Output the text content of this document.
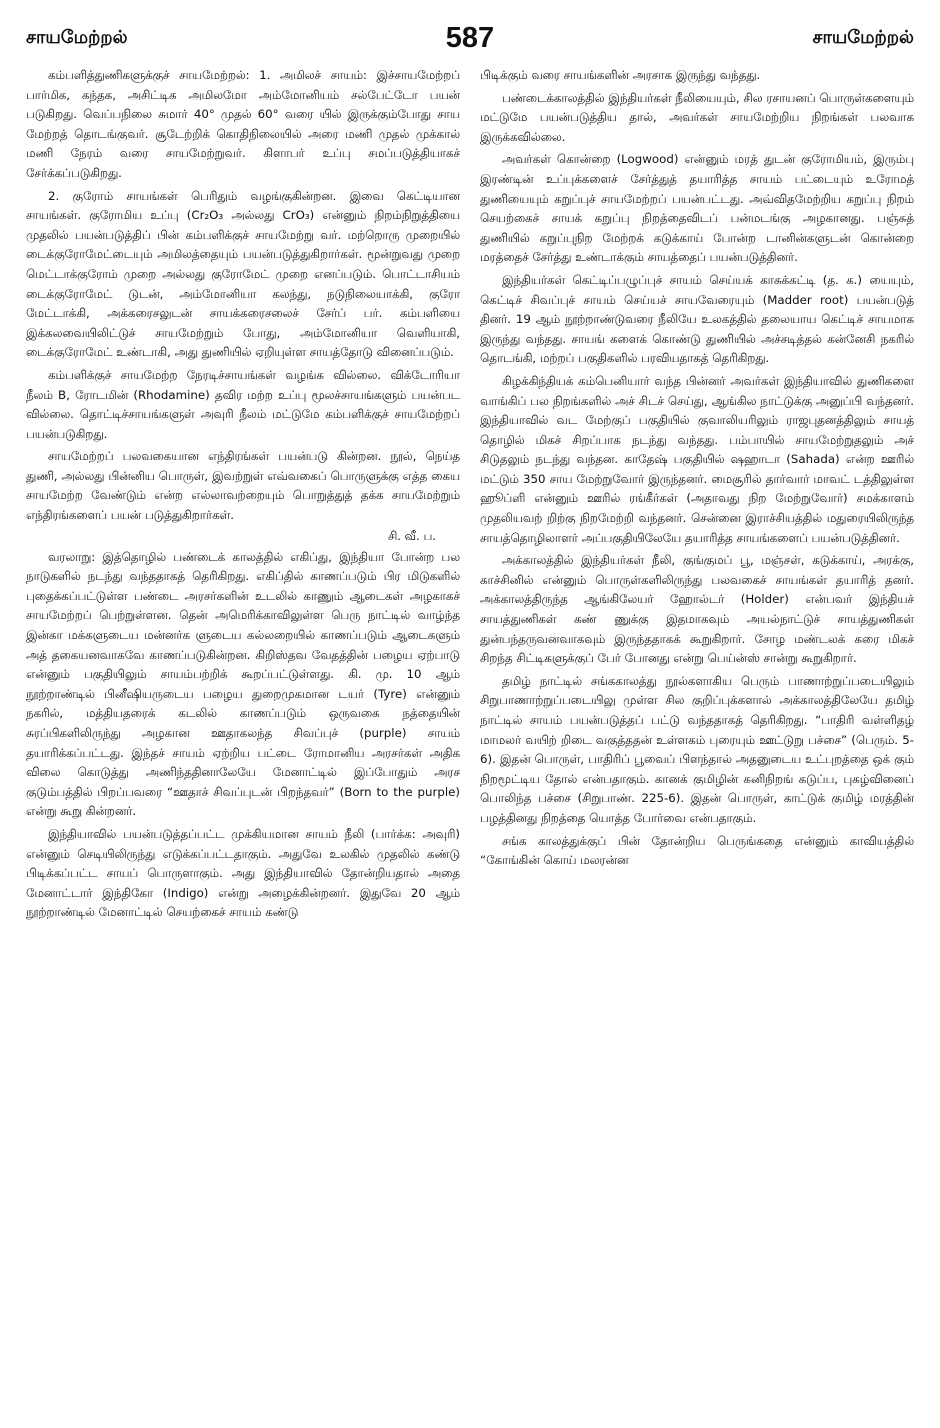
சாயமேற்றல்	587	சாயமேற்றல்

கம்பளித்துணிகளுக்குச் சாயமேற்றல்: 1. அமிலச் சாயம்: இச்சாயமேற்றப் பார்மிக, கந்தக, அசிட்டிக அமிலமோ அம்மோனியம் சல்பேட்டோ பயன் படுகிறது. வெப்பநிலை சுமார் 40° முதல் 60° வரை யில் இருக்கும்போது சாய மேற்றத் தொடங்குவர். சூடேற்றிக் கொதிநிலையில் அரை மணி முதல் முக்கால் மணி நேரம் வரை சாயமேற்றுவர். கிளாபர் உப்பு சமப்படுத்தியாகச் சேர்க்கப்படுகிறது.

2. குரோம் சாயங்கள் பெரிதும் வழங்குகின்றன. இவை கெட்டியான சாயங்கள். குரோமிய உப்பு (Cr₂O₃ அல்லது CrO₃) என்னும் நிறம்நிறுத்தியை முதலில் பயன்படுத்திப் பின் கம்பளிக்குச் சாயமேற்று வர். மற்றொரு முறையில் டைக்குரோமேட்டையும் அமிலத்தையும் பயன்படுத்துகிறார்கள். மூன்றுவது முறை மெட்டாக்குரோம் முறை அல்லது குரோமேட் முறை எனப்படும். பொட்டாசியம் டைக்குரோமேட் டுடன், அம்மோனியா கலந்து, நடுநிலையாக்கி, குரோ மேட்டாக்கி, அக்கரைசலுடன் சாயக்கரைசலைச் சேர்ப் பர். கம்பளியை இக்கலவையிலிட்டுச் சாயமேற்றும் போது, அம்மோனியா வெளியாகி, டைக்குரோமேட் உண்டாகி, அது துணியில் ஏறியுள்ள சாயத்தோடு வினைப்படும்.

கம்பளிக்குச் சாயமேற்ற நேரடிச்சாயங்கள் வழங்க வில்லை. விக்டோரியா நீலம் B, ரோடமின் (Rhodamine) தவிர மற்ற உப்பு மூலச்சாயங்களும் பயன்பட வில்லை. தொட்டிச்சாயங்களுள் அவுரி நீலம் மட்டுமே கம்பளிக்குச் சாயமேற்றப் பயன்படுகிறது.

சாயமேற்றப் பலவகையான எந்திரங்கள் பயன்படு கின்றன. நூல், நெய்த துணி, அல்லது பின்னிய பொருள், இவற்றுள் எவ்வகைப் பொருளுக்கு எத்த கைய சாயமேற்ற வேண்டும் என்ற எல்லாவற்றையும் பொறுத்துத் தக்க சாயமேற்றும் எந்திரங்களைப் பயன் படுத்துகிறார்கள்.

சி. வீ. ப.

வரலாறு: இத்தொழில் பண்டைக் காலத்தில் எகிப்து, இந்தியா போன்ற பல நாடுகளில் நடந்து வந்ததாகத் தெரிகிறது. எகிப்தில் காணப்படும் பிர மிடுகளில் புதைக்கப்பட்டுள்ள பண்டை அரசர்களின் உடலில் காணும் ஆடைகள் அழகாகச் சாயமேற்றப் பெற்றுள்ளன. தென் அமெரிக்காவிலுள்ள பெரு நாட்டில் வாழ்ந்த இன்கா மக்களுடைய மன்னர்க ளுடைய கல்லறையில் காணப்படும் ஆடைகளும் அத் தகையனவாகவே காணப்படுகின்றன. கிறிஸ்தவ வேதத்தின் பழைய ஏற்பாடு என்னும் பகுதியிலும் சாயம்பற்றிக் கூறப்பட்டுள்ளது. கி. மு. 10 ஆம் நூற்றாண்டில் பினீஷியருடைய பழைய துறைமுகமான டயர் (Tyre) என்னும் நகரில், மத்தியதரைக் கடலில் காணப்படும் ஒருவகை நத்தையின் சுரப்பிகளிலிருந்து அழகான ஊதாகலந்த சிவப்புச் (purple) சாயம் தயாரிக்கப்பட்டது. இந்தச் சாயம் ஏற்றிய பட்டை ரோமானிய அரசர்கள் அதிக விலை கொடுத்து அணிந்ததினாலேயே மேனாட்டில் இப்போதும் அரச குடும்பத்தில் பிறப்பவரை “ஊதாச் சிவப்புடன் பிறந்தவர்” (Born to the purple) என்று கூறு கின்றனர்.

இந்தியாவில் பயன்படுத்தப்பட்ட முக்கியமான சாயம் நீலி (பார்க்க: அவுரி) என்னும் செடியிலிருந்து எடுக்கப்பட்டதாகும். அதுவே உலகில் முதலில் கண்டு பிடிக்கப்பட்ட சாயப் பொருளாகும். அது இந்தியாவில் தோன்றியதால் அதை மேனாட்டார் இந்திகோ (Indigo) என்று அழைக்கின்றனர். இதுவே 20 ஆம் நூற்றாண்டில் மேனாட்டில் செயற்கைச் சாயம் கண்டு

பிடிக்கும் வரை சாயங்களின் அரசாக இருந்து வந்தது.

பண்டைக்காலத்தில் இந்தியர்கள் நீலியையும், சில ரசாயனப் பொருள்களையும் மட்டுமே பயன்படுத்திய தால், அவர்கள் சாயமேற்றிய நிறங்கள் பலவாக இருக்கவில்லை.

அவர்கள் கொன்றை (Logwood) என்னும் மரத் துடன் குரோமியம், இரும்பு இரண்டின் உப்புக்களைச் சேர்த்துத் தயாரித்த சாயம் பட்டையும் உரோமத் துணியையும் கறுப்புச் சாயமேற்றப் பயன்பட்டது. அவ்விதமேற்றிய கறுப்பு நிறம் செயற்கைச் சாயக் கறுப்பு நிறத்தைவிடப் பன்மடங்கு அழகானது. பஞ்சுத் துணியில் கறுப்புநிற மேற்றக் கடுக்காய் போன்ற டானின்களுடன் கொன்றை மரத்தைச் சேர்த்து உண்டாக்கும் சாயத்தைப் பயன்படுத்தினர்.

இந்தியர்கள் கெட்டிப்பழுப்புச் சாயம் செய்யக் காசுக்கட்டி (த. க.) யையும், கெட்டிச் சிவப்புச் சாயம் செய்யச் சாயவேரையும் (Madder root) பயன்படுத் தினர். 19 ஆம் நூற்றாண்டுவரை நீலியே உலகத்தில் தலையாய கெட்டிச் சாயமாக இருந்து வந்தது. சாயங் களைக் கொண்டு துணியில் அச்சடித்தல் கன்னேசி நகரில் தொடங்கி, மற்றப் பகுதிகளில் பரவியதாகத் தெரிகிறது.

கிழக்கிந்தியக் கம்பெனியார் வந்த பின்னர் அவர்கள் இந்தியாவில் துணிகளை வாங்கிப் பல நிறங்களில் அச் சிடச் செய்து, ஆங்கில நாட்டுக்கு அனுப்பி வந்தனர். இந்தியாவில் வட மேற்குப் பகுதியில் குவாலியரிலும் ராஜபுதனத்திலும் சாயத் தொழில் மிகச் சிறப்பாக நடந்து வந்தது. பம்பாயில் சாயமேற்றுதலும் அச் சிடுதலும் நடந்து வந்தன. காதேஷ் பகுதியில் ஷஹாடா (Sahada) என்ற ஊரில் மட்டும் 350 சாய மேற்றுவோர் இருந்தனர். மைசூரில் தார்வார் மாவட் டத்திலுள்ள ஹூப்ளி என்னும் ஊரில் ரங்கீர்கள் (அதாவது நிற மேற்றுவோர்) சமக்காளம் முதலியவற் றிற்கு நிறமேற்றி வந்தனர். சென்னை இராச்சியத்தில் மதுரையிலிருந்த சாயத்தொழிலாளர் அப்பகுதியிலேயே தயாரித்த சாயங்களைப் பயன்படுத்தினர்.

அக்காலத்தில் இந்தியர்கள் நீலி, குங்குமப் பூ, மஞ்சள், கடுக்காய், அரக்கு, காச்சினில் என்னும் பொருள்களிலிருந்து பலவகைச் சாயங்கள் தயாரித் தனர். அக்காலத்திருந்த ஆங்கிலேயர் ஹோல்டர் (Holder) என்பவர் இந்தியச் சாயத்துணிகள் கண் ணுக்கு இதமாகவும் அயல்நாட்டுச் சாயத்துணிகள் துன்பந்தருவனவாகவும் இருந்ததாகக் கூறுகிறார். சோழ மண்டலக் கரை மிகச் சிறந்த சிட்டிகளுக்குப் பேர் போனது என்று பெய்ன்ஸ் சான்று கூறுகிறார்.

தமிழ் நாட்டில் சங்ககாலத்து நூல்களாகிய பெரும் பாணாற்றுப்படையிலும் சிறுபாணாற்றுப்படையிலு முள்ள சில குறிப்புக்களால் அக்காலத்திலேயே தமிழ் நாட்டில் சாயம் பயன்படுத்தப் பட்டு வந்ததாகத் தெரிகிறது. “பாதிரி வள்ளிதழ் மாமலர் வயிற் றிடை வகுத்ததன் உள்ளகம் புரையும் ஊட்டுறு பச்சை” (பெரும். 5-6). இதன் பொருள், பாதிரிப் பூவைப் பிளந்தால் அதனுடைய உட்புறத்தை ஒக் கும் நிறமூட்டிய தோல் என்பதாகும். கானக் குமிழின் கனிநிறங் கடுப்ப, புகழ்வினைப் பொலிந்த பச்சை (சிறுபாண். 225-6). இதன் பொருள், காட்டுக் குமிழ் மரத்தின் பழத்தினது நிறத்தை யொத்த போர்வை என்பதாகும்.

சங்க காலத்துக்குப் பின் தோன்றிய பெருங்கதை என்னும் காவியத்தில் “கோங்கின் கொய் மலரன்ன
